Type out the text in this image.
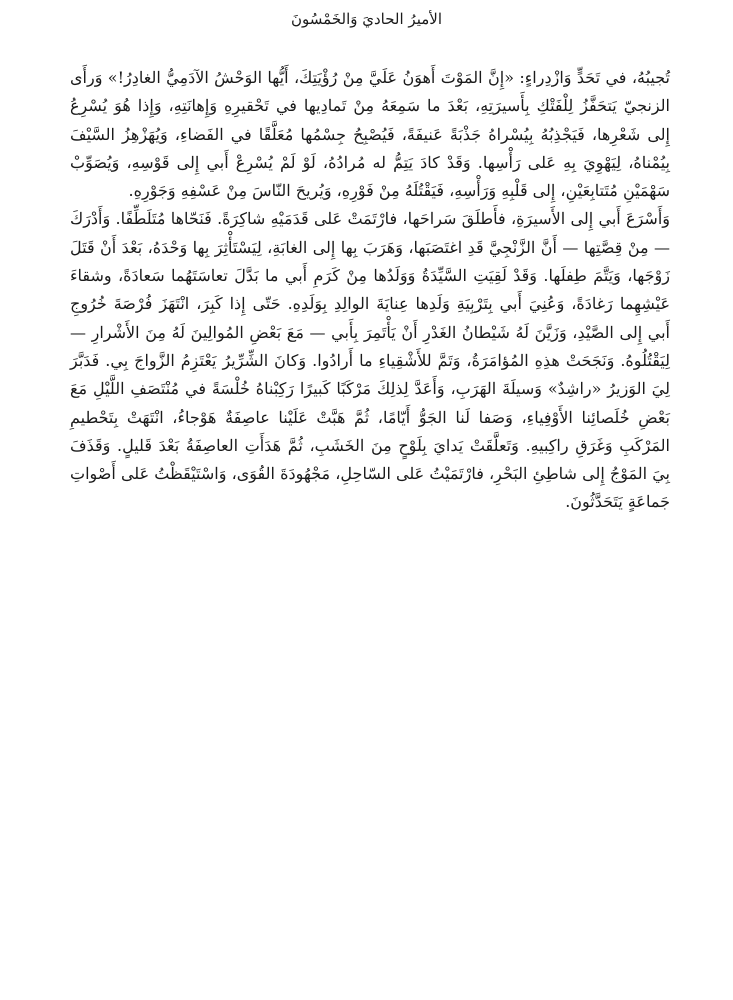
الأميرُ الحاديَ وَالخَمْسُونَ

تُجيبُهُ، في تَحَدٍّ وَازْدِراءٍ: «إِنَّ المَوْتَ أَهوَنُ عَلَيَّ مِنْ رُؤْيَتِكَ، أَيُّها الوَحْشُ الآدَمِيُّ الغادِرُ!» وَرأَى الزنجيّ يَتحَفَّزُ لِلْفَتْكِ بِأَسيرَتِهِ، بَعْدَ ما سَمِعَهُ مِنْ تَمادِيها في تَحْقيرِهِ وَإِهانَتِهِ، وَإِذا هُوَ يُسْرِعُ إِلى شَعْرِها، فَيَجْذِبُهُ بِيُسْراهُ جَذْبَةً عَنيفَةً، فَيُصْبِحُ جِسْمُها مُعَلَّقًا في الفَضاءِ، وَيُهَزْهِزُ السَّيْفَ بِيُمْناهُ، لِيَهْوِيَ بِهِ عَلى رَأْسِها. وَقَدْ كادَ يَتِمُّ له مُرادُهُ، لَوْ لَمْ يُسْرِعْ أَبي إِلى قَوْسِهِ، وَيُصَوِّبْ سَهْمَيْنِ مُتَتابِعَيْنِ، إِلى قَلْبِهِ وَرَأْسِهِ، فَيَقْتُلَهُ مِنْ فَوْرِهِ، وَيُريحَ النّاسَ مِنْ عَسْفِهِ وَجَوْرِهِ.

وَأَسْرَعَ أَبي إِلى الأَسيرَةِ، فأَطلَقَ سَراحَها، فارْتَمَتْ عَلى قَدَمَيْهِ شاكِرَةً. فَنَحّاها مُتَلَطِّفًا. وَأَدْرَكَ — مِنْ قِصَّتِها — أَنَّ الزَّنْجِيَّ قَدِ اغتَصَبَها، وَهَرَبَ بِها إِلى الغابَةِ، لِيَسْتَأْثِرَ بِها وَحْدَهُ، بَعْدَ أَنْ قَتَلَ زَوْجَها، وَيَتَّمَ طِفلَها. وَقَدْ لَقِيَتِ السَّيِّدَةُ وَوَلَدُها مِنْ كَرَمِ أَبي ما بَدَّلَ تعاسَتَهُما سَعادَةً، وشقاءَ عَيْشِهِما رَغادَةً، وَعُنِيَ أَبي بِتَرْبِيَةِ وَلَدِها عِنايَةَ الوالِدِ بِوَلَدِهِ. حَتّى إِذا كَبِرَ، انْتَهَزَ فُرْصَةَ خُرُوجِ أَبي إِلى الصَّيْدِ، وَزَيَّنَ لَهُ شَيْطانُ الغَدْرِ أَنْ يَأْتَمِرَ بِأَبي — مَعَ بَعْضِ المُوالِينَ لَهُ مِنَ الأَشْرارِ — لِيَقْتُلُوهُ. وَنَجَحَتْ هذِهِ المُؤامَرَةُ، وَتَمَّ للأَشْقِياءِ ما أَرادُوا. وَكانَ الشِّرِّيرُ يَعْتَزِمُ الزَّواجَ بِي. فَدَبَّرَ لِيَ الوَزيرُ «راشِدٌ» وَسيلَةَ الهَرَبِ، وَأَعَدَّ لِذلِكَ مَرْكَبًا كَبيرًا رَكِبْناهُ خُلْسَةً في مُنْتَصَفِ اللَّيْلِ مَعَ بَعْضِ خُلَصائِنا الأَوْفِياءِ، وَصَفا لَنا الجَوُّ أَيّامًا، ثُمَّ هَبَّتْ عَلَيْنا عاصِفَةٌ هَوْجاءُ، انْتَهَتْ بِتَحْطيمِ المَرْكَبِ وَغَرَقِ راكِبيهِ. وَتَعلَّقَتْ يَدايَ بِلَوْحٍ مِنَ الخَشَبِ، ثُمَّ هَدَأَتِ العاصِفَةُ بَعْدَ قَليلٍ. وَقَذَفَ بِيَ المَوْجُ إِلى شاطِئِ البَحْرِ، فارْتَمَيْتُ عَلى السّاحِلِ، مَجْهُودَةَ القُوَى، وَاسْتَيْقَظْتُ عَلى أَصْواتِ جَماعَةٍ يَتَحَدَّثُونَ.
